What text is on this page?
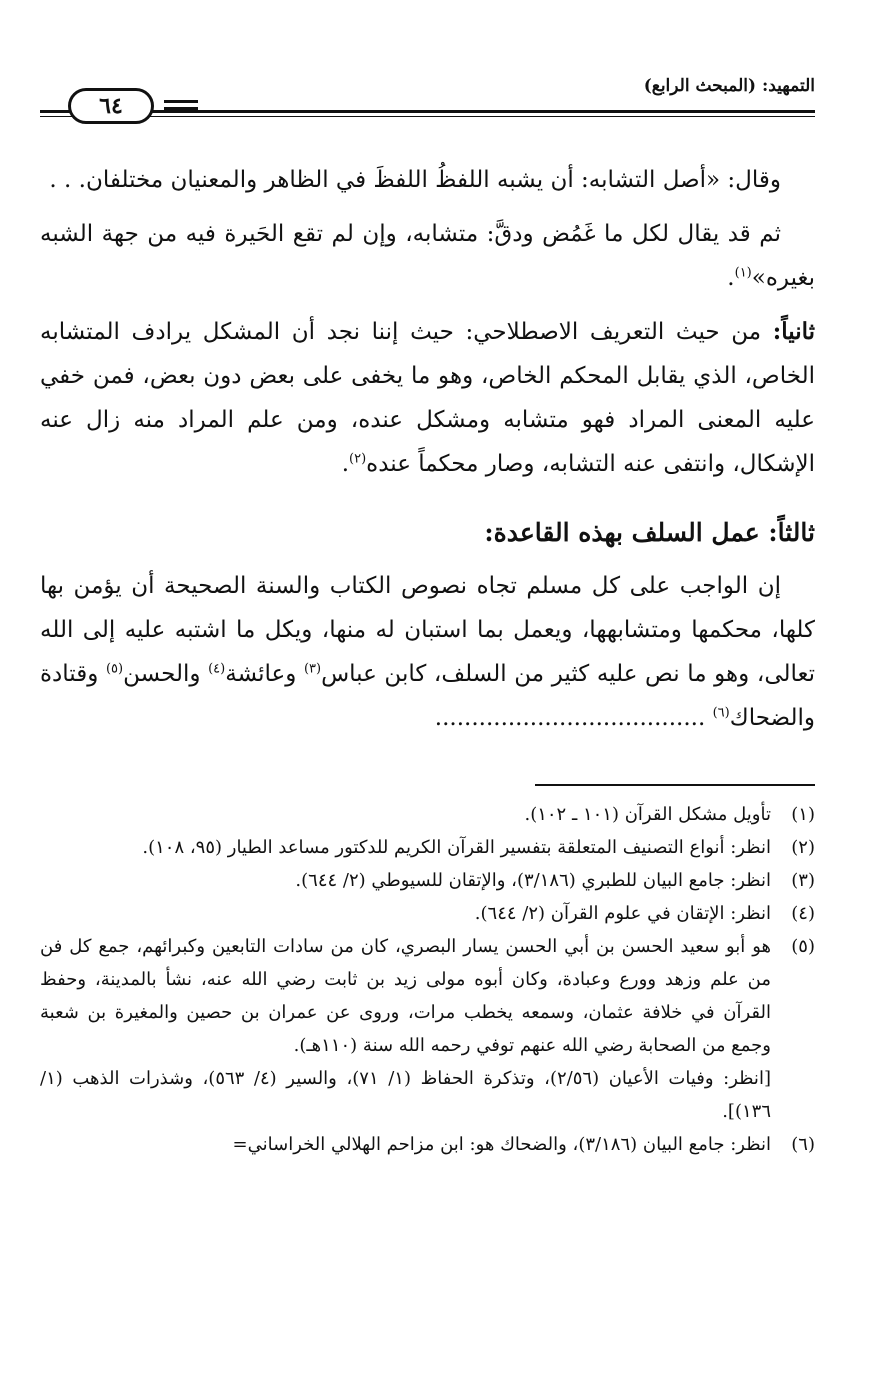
التمهيد: (المبحث الرابع)
٦٤

وقال: «أصل التشابه: أن يشبه اللفظُ اللفظَ في الظاهر والمعنيان مختلفان. . .

ثم قد يقال لكل ما غَمُض ودقَّ: متشابه، وإن لم تقع الحَيرة فيه من جهة الشبه بغيره»$^{(١)}$.

ثانياً: من حيث التعريف الاصطلاحي: حيث إننا نجد أن المشكل يرادف المتشابه الخاص، الذي يقابل المحكم الخاص، وهو ما يخفى على بعض دون بعض، فمن خفي عليه المعنى المراد فهو متشابه ومشكل عنده، ومن علم المراد منه زال عنه الإشكال، وانتفى عنه التشابه، وصار محكماً عنده$^{(٢)}$.

ثالثاً: عمل السلف بهذه القاعدة:

إن الواجب على كل مسلم تجاه نصوص الكتاب والسنة الصحيحة أن يؤمن بها كلها، محكمها ومتشابهها، ويعمل بما استبان له منها، ويكل ما اشتبه عليه إلى الله تعالى، وهو ما نص عليه كثير من السلف، كابن عباس$^{(٣)}$ وعائشة$^{(٤)}$ والحسن$^{(٥)}$ وقتادة والضحاك$^{(٦)}$ .....................................

(١)
تأويل مشكل القرآن (١٠١ ـ ١٠٢).
(٢)
انظر: أنواع التصنيف المتعلقة بتفسير القرآن الكريم للدكتور مساعد الطيار (٩٥، ١٠٨).
(٣)
انظر: جامع البيان للطبري (٣/١٨٦)، والإتقان للسيوطي (٢/ ٦٤٤).
(٤)
انظر: الإتقان في علوم القرآن (٢/ ٦٤٤).
(٥)
هو أبو سعيد الحسن بن أبي الحسن يسار البصري، كان من سادات التابعين وكبرائهم، جمع كل فن من علم وزهد وورع وعبادة، وكان أبوه مولى زيد بن ثابت رضي الله عنه، نشأ بالمدينة، وحفظ القرآن في خلافة عثمان، وسمعه يخطب مرات، وروى عن عمران بن حصين والمغيرة بن شعبة وجمع من الصحابة رضي الله عنهم توفي رحمه الله سنة (١١٠هـ).
[انظر: وفيات الأعيان (٢/٥٦)، وتذكرة الحفاظ (١/ ٧١)، والسير (٤/ ٥٦٣)، وشذرات الذهب (١/ ١٣٦)].
(٦)
انظر: جامع البيان (٣/١٨٦)، والضحاك هو: ابن مزاحم الهلالي الخراساني=
